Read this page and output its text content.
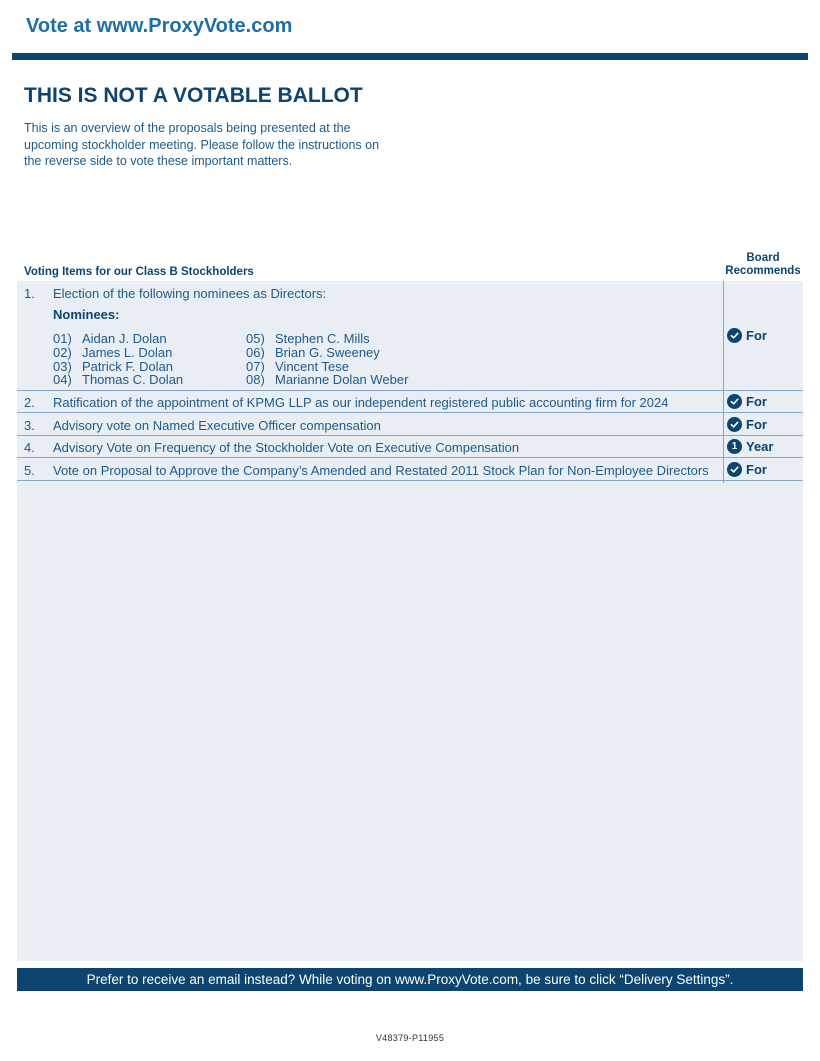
Vote at www.ProxyVote.com
THIS IS NOT A VOTABLE BALLOT
This is an overview of the proposals being presented at the
upcoming stockholder meeting. Please follow the instructions on
the reverse side to vote these important matters.
Board
Recommends
Voting Items for our Class B Stockholders
1. Election of the following nominees as Directors:
Nominees:
01) Aidan J. Dolan
02) James L. Dolan
03) Patrick F. Dolan
04) Thomas C. Dolan
05) Stephen C. Mills
06) Brian G. Sweeney
07) Vincent Tese
08) Marianne Dolan Weber
For
2. Ratification of the appointment of KPMG LLP as our independent registered public accounting firm for 2024	For
3. Advisory vote on Named Executive Officer compensation	For
4. Advisory Vote on Frequency of the Stockholder Vote on Executive Compensation	1 Year
5. Vote on Proposal to Approve the Company’s Amended and Restated 2011 Stock Plan for Non-Employee Directors	For
Prefer to receive an email instead? While voting on www.ProxyVote.com, be sure to click “Delivery Settings”.
V48379-P11955
